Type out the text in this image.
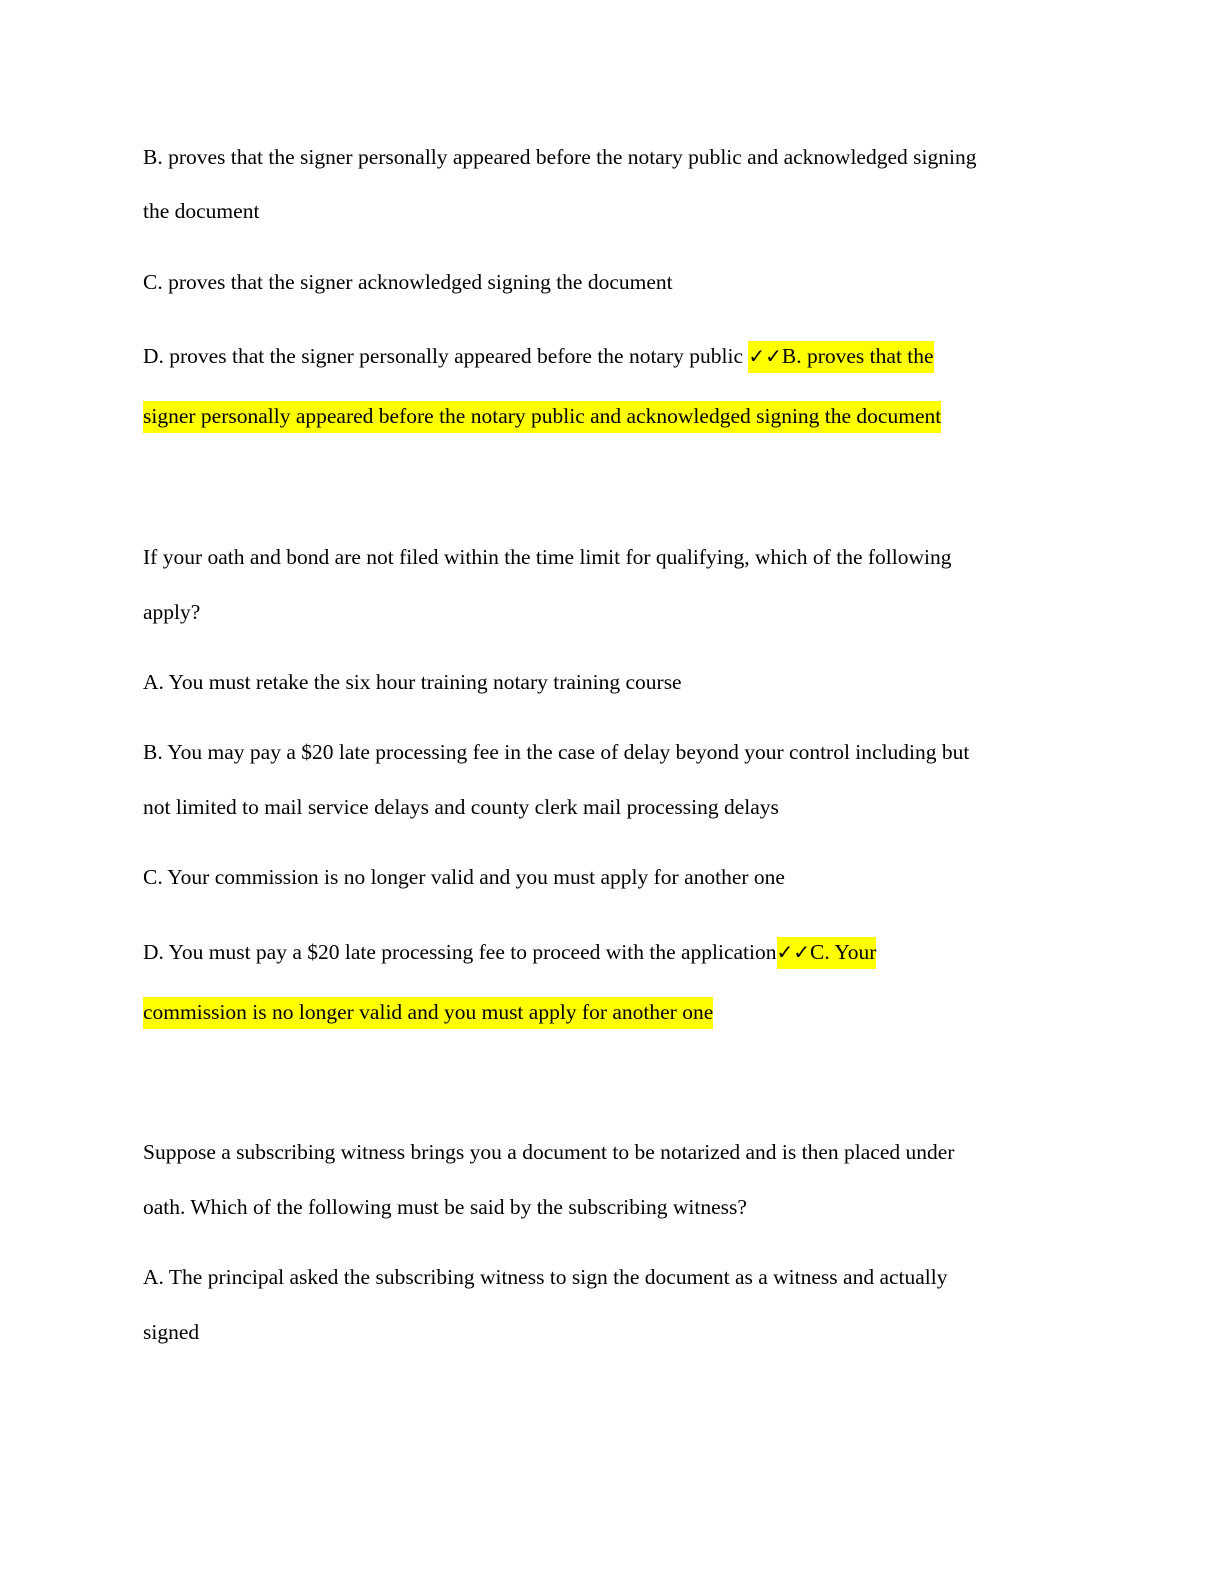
B. proves that the signer personally appeared before the notary public and acknowledged signing
the document
C. proves that the signer acknowledged signing the document
D. proves that the signer personally appeared before the notary public ✓✓B. proves that the
signer personally appeared before the notary public and acknowledged signing the document
If your oath and bond are not filed within the time limit for qualifying, which of the following
apply?
A. You must retake the six hour training notary training course
B. You may pay a $20 late processing fee in the case of delay beyond your control including but
not limited to mail service delays and county clerk mail processing delays
C. Your commission is no longer valid and you must apply for another one
D. You must pay a $20 late processing fee to proceed with the application✓✓C. Your
commission is no longer valid and you must apply for another one
Suppose a subscribing witness brings you a document to be notarized and is then placed under
oath. Which of the following must be said by the subscribing witness?
A. The principal asked the subscribing witness to sign the document as a witness and actually
signed
